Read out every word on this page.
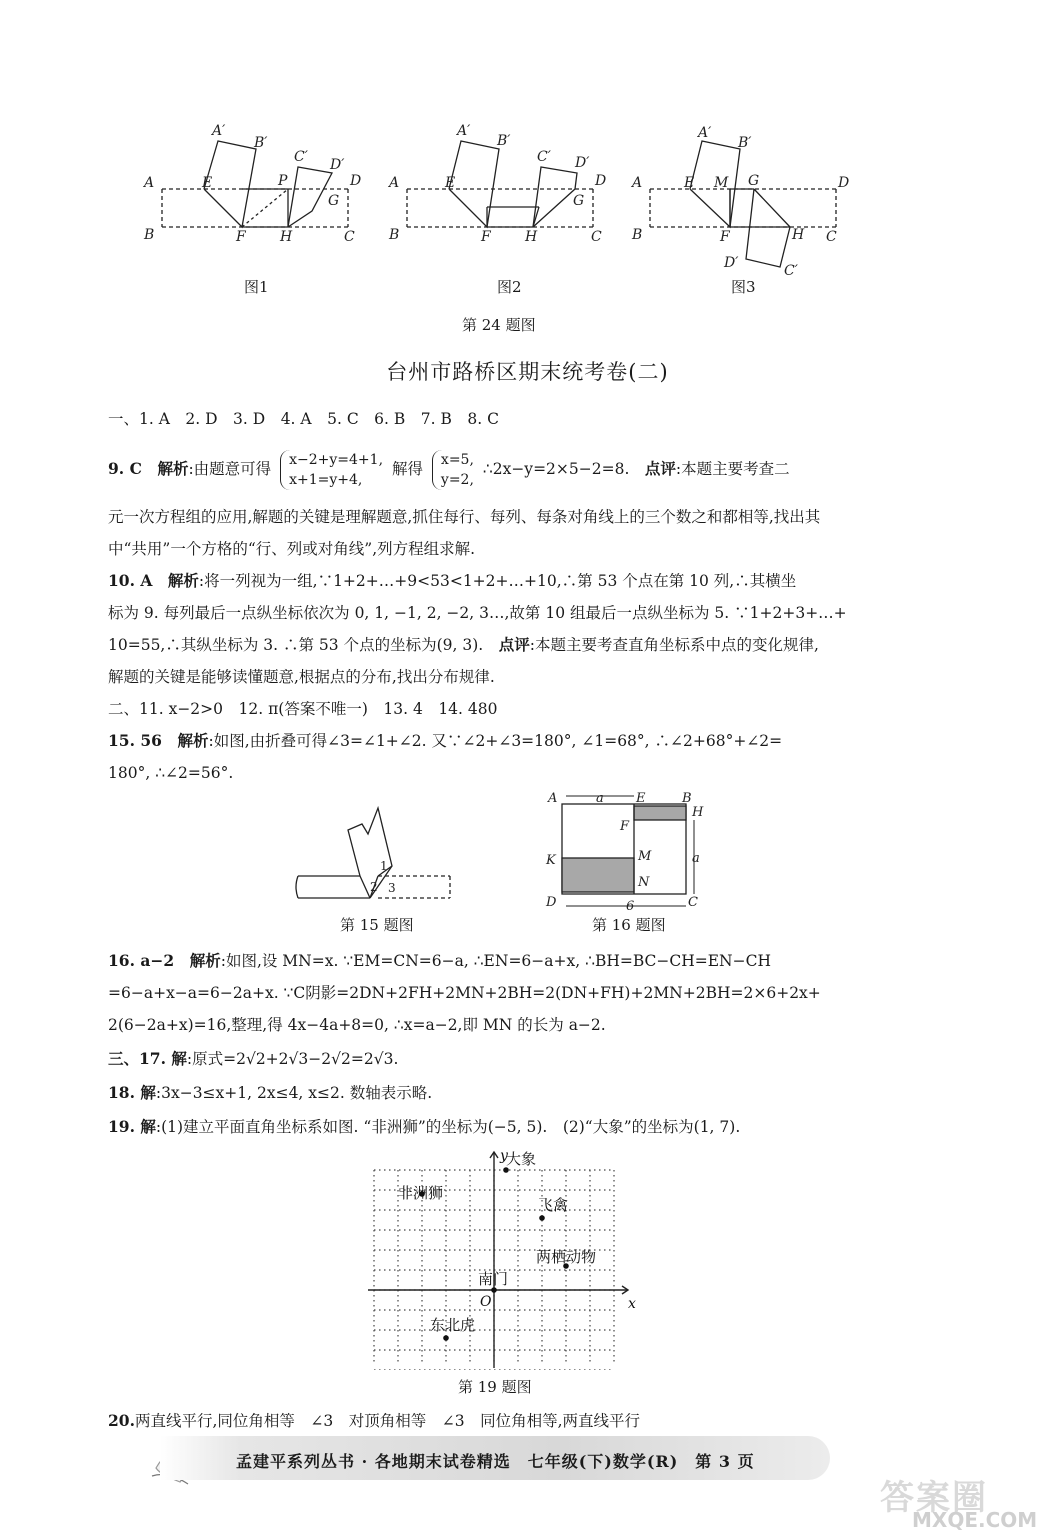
A
B
E
A′
B′
F H
P
C′ D′
G
D
C
A
B
E
A′
B′
F H
C′ D′
G
D
C
A
B
E
A′
B′
M G
F	H
D′	C′
D
C
图1	图2	图3
第 24 题图
台州市路桥区期末统考卷(二)
一、1. A　2. D　3. D　4. A　5. C　6. B　7. B　8. C
9. C　 解析:由题意可得 x−2+y=4+1,
x+1=y+4, 解得 x=5,
y=2, ∴2x−y=2×5−2=8.　 点评:本题主要考查二
元一次方程组的应用,解题的关键是理解题意,抓住每行、每列、每条对角线上的三个数之和都相等,找出其
中“共用”一个方格的“行、列或对角线”,列方程组求解.
10. A　 解析:将一列视为一组,∵1+2+…+9<53<1+2+…+10,∴第 53 个点在第 10 列,∴其横坐
标为 9. 每列最后一点纵坐标依次为 0, 1, −1, 2, −2, 3…,故第 10 组最后一点纵坐标为 5. ∵1+2+3+…+
10=55,∴其纵坐标为 3. ∴第 53 个点的坐标为(9, 3).　 点评:本题主要考查直角坐标系中点的变化规律,
解题的关键是能够读懂题意,根据点的分布,找出分布规律.
二、11. x−2>0　12. π(答案不唯一)　13. 4　14. 480
15. 56　 解析:如图,由折叠可得∠3=∠1+∠2. 又∵∠2+∠3=180°, ∠1=68°, ∴∠2+68°+∠2=
180°, ∴∠2=56°.
1
2 3
第 15 题图
A	a E	B
H
F
a
K	M
N
D	6	C
第 16 题图
16. a−2　 解析:如图,设 MN=x. ∵EM=CN=6−a, ∴EN=6−a+x, ∴BH=BC−CH=EN−CH
=6−a+x−a=6−2a+x. ∵C阴影=2DN+2FH+2MN+2BH=2(DN+FH)+2MN+2BH=2×6+2x+
2(6−2a+x)=16,整理,得 4x−4a+8=0, ∴x=a−2,即 MN 的长为 a−2.
三、17. 解:原式=2√2+2√3−2√2=2√3.
18. 解:3x−3≤x+1, 2x≤4, x≤2. 数轴表示略.
19. 解:(1)建立平面直角坐标系如图. “非洲狮”的坐标为(−5, 5).　(2)“大象”的坐标为(1, 7).
大象
非洲狮
飞禽
两栖动物
南门
东北虎
y
x
O
第 19 题图
20.两直线平行,同位角相等　∠3　对顶角相等　∠3　同位角相等,两直线平行
孟建平系列丛书 · 各地期末试卷精选　七年级(下)数学(R)　第 3 页
答案圈
MXQE.COM
